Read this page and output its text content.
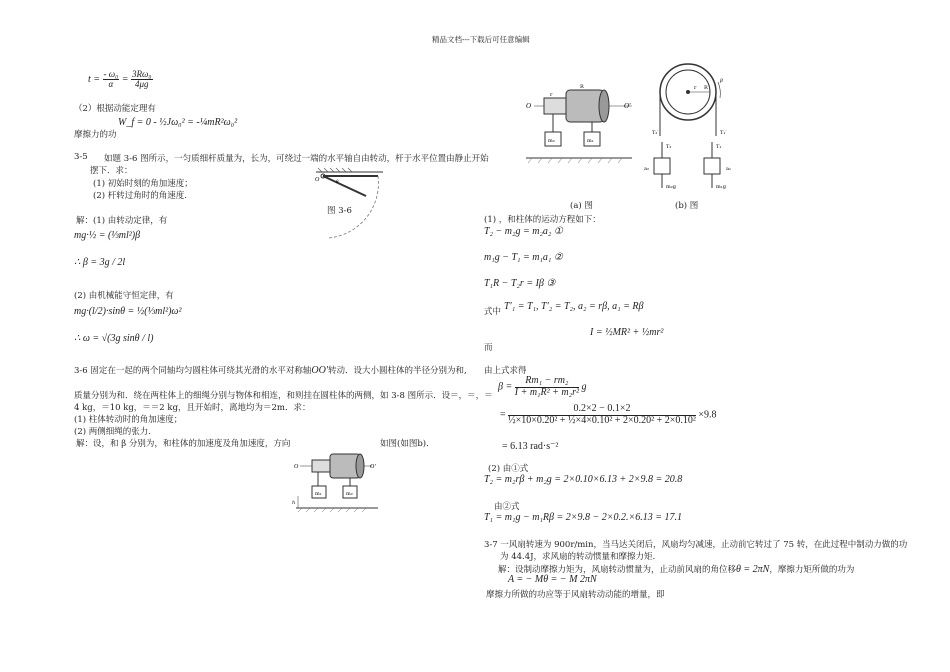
精品文档---下载后可任意编辑
$t = \frac{\text{- ω₀}}{\alpha} = \frac{\text{3Rω₀}}{4\mu g}$
（2）根据动能定理有
W_f = 0 - ½Jω₀² = -¼mR²ω₀²
摩擦力的功
3-5 如题 3-6 图所示，一匀质细杆质量为，长为，可绕过一端的水平轴自由转动，杆于水平位置由静止开始
摆下．求：
(1) 初始时刻的角加速度；
(2) 杆转过角时的角速度.
O	θ
图 3-6
解：(1) 由转动定律，有
mg·½ = (⅓ml²)β
∴ β = 3g / 2l
(2) 由机械能守恒定律，有
mg·(l/2)·sinθ = ½(⅓ml²)ω²
∴ ω = √(3g sinθ / l)
3-6 固定在一起的两个同轴均匀圆柱体可绕其光滑的水平对称轴OO′转动．设大小圆柱体的半径分别为和,
质量分别为和．绕在两柱体上的细绳分别与物体和相连，和则挂在圆柱体的两侧，如 3-8 图所示．设＝，＝，＝
4 kg，＝10 kg，＝＝2 kg，且开始时，离地均为＝2m．求：
(1) 柱体转动时的角加速度；
(2) 两侧细绳的张力.
解：设，和 β 分别为，和柱体的加速度及角加速度，方向	如图(如图b)．
O	O′
m₁	m₂
h
O	O′
r
R
m₂	m₁
(a) 图
r R
β
T₂′	T₁′
T₂	T₁
m₂g	m₁g
a₂	a₁
(b) 图
(1) ，和柱体的运动方程如下：
T₂ − m₂g = m₂a₂ ①
m₁g − T₁ = m₁a₁ ②
T₁R − T₂r = Iβ ③
式中 T′₁ = T₁, T′₂ = T₂, a₂ = rβ, a₁ = Rβ
I = ½MR² + ½mr²
而
由上式求得
$\beta = \frac{\text{Rm₁ − rm₂}}{\text{I + m₁R² + m₂r²}}$ g
= $\frac{0.2\times 2 - 0.1\times 2}{\text{½×10×0.20² + ½×4×0.10² + 2×0.20² + 2×0.10²}} \times 9.8$
= 6.13 rad·s⁻²
(2) 由①式
T₂ = m₂rβ + m₂g = 2×0.10×6.13 + 2×9.8 = 20.8
由②式
T₁ = m₁g − m₁Rβ = 2×9.8 − 2×0.2.×6.13 = 17.1
3-7 一风扇转速为 900r/min，当马达关闭后，风扇均匀减速，止动前它转过了 75 转，在此过程中制动力做的功
为 44.4J，求风扇的转动惯量和摩擦力矩.
解：设制动摩擦力矩为，风扇转动惯量为，止动前风扇的角位移θ = 2πN，摩擦力矩所做的功为
A = − Mθ = − M 2πN
摩擦力所做的功应等于风扇转动动能的增量，即
